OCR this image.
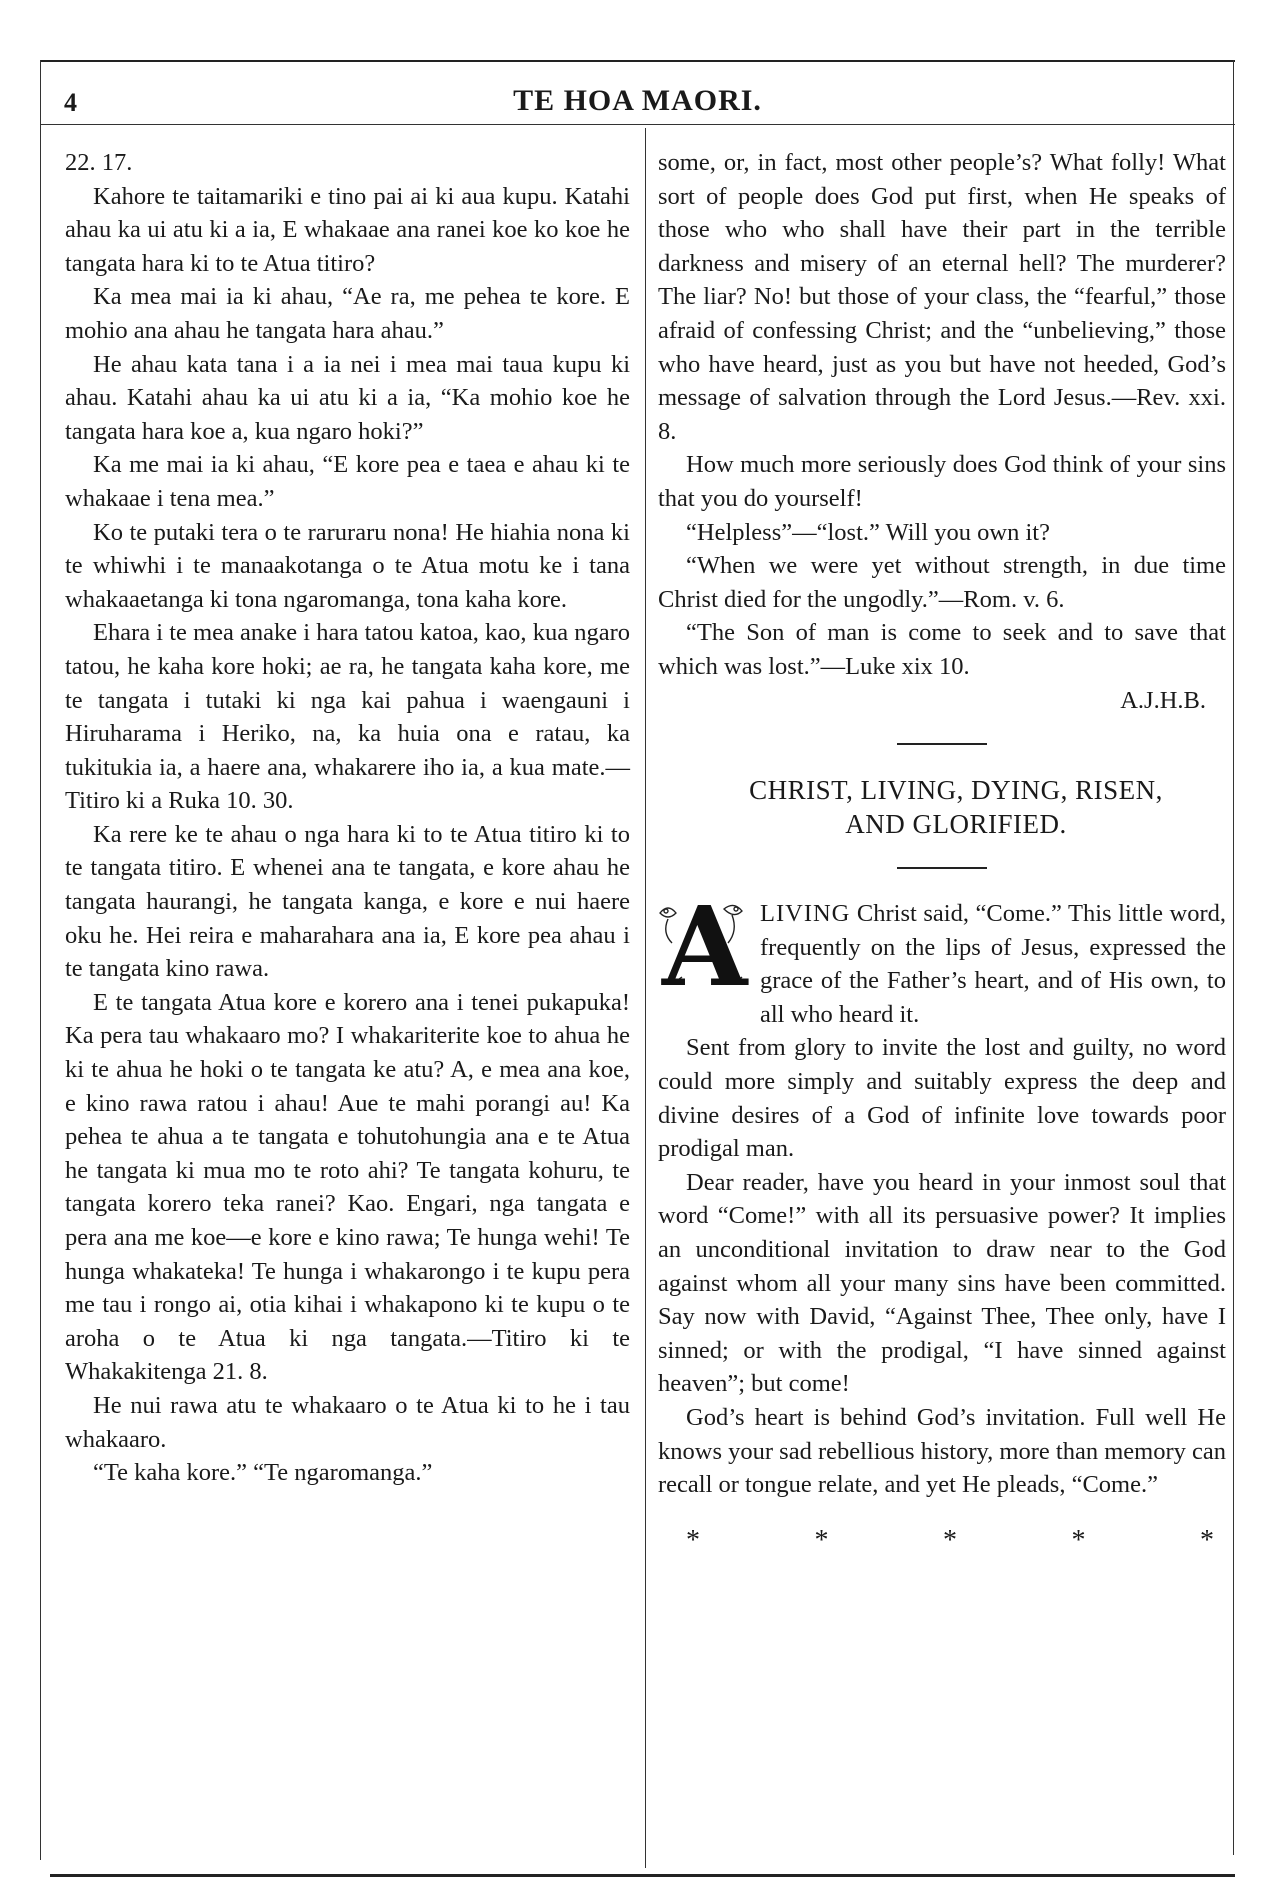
4	TE HOA MAORI.

22. 17.

Kahore te taitamariki e tino pai ai ki aua kupu. Katahi ahau ka ui atu ki a ia, E whakaae ana ranei koe ko koe he tangata hara ki to te Atua titiro?

Ka mea mai ia ki ahau, “Ae ra, me pehea te kore. E mohio ana ahau he tangata hara ahau.”

He ahau kata tana i a ia nei i mea mai taua kupu ki ahau. Katahi ahau ka ui atu ki a ia, “Ka mohio koe he tangata hara koe a, kua ngaro hoki?”

Ka me mai ia ki ahau, “E kore pea e taea e ahau ki te whakaae i tena mea.”

Ko te putaki tera o te raruraru nona! He hiahia nona ki te whiwhi i te manaakotanga o te Atua motu ke i tana whakaaetanga ki tona ngaromanga, tona kaha kore.

Ehara i te mea anake i hara tatou katoa, kao, kua ngaro tatou, he kaha kore hoki; ae ra, he tangata kaha kore, me te tangata i tutaki ki nga kai pahua i waengauni i Hiruharama i Heriko, na, ka huia ona e ratau, ka tukitukia ia, a haere ana, whakarere iho ia, a kua mate.—Titiro ki a Ruka 10. 30.

Ka rere ke te ahau o nga hara ki to te Atua titiro ki to te tangata titiro. E whenei ana te tangata, e kore ahau he tangata haurangi, he tangata kanga, e kore e nui haere oku he. Hei reira e maharahara ana ia, E kore pea ahau i te tangata kino rawa.

E te tangata Atua kore e korero ana i tenei pukapuka! Ka pera tau whakaaro mo? I whakariterite koe to ahua he ki te ahua he hoki o te tangata ke atu? A, e mea ana koe, e kino rawa ratou i ahau! Aue te mahi porangi au! Ka pehea te ahua a te tangata e tohutohungia ana e te Atua he tangata ki mua mo te roto ahi? Te tangata kohuru, te tangata korero teka ranei? Kao. Engari, nga tangata e pera ana me koe—e kore e kino rawa; Te hunga wehi! Te hunga whakateka! Te hunga i whakarongo i te kupu pera me tau i rongo ai, otia kihai i whakapono ki te kupu o te aroha o te Atua ki nga tangata.—Titiro ki te Whakakitenga 21. 8.

He nui rawa atu te whakaaro o te Atua ki to he i tau whakaaro.

“Te kaha kore.” “Te ngaromanga.”

some, or, in fact, most other people’s? What folly! What sort of people does God put first, when He speaks of those who who shall have their part in the terrible darkness and misery of an eternal hell? The murderer? The liar? No! but those of your class, the “fearful,” those afraid of confessing Christ; and the “unbelieving,” those who have heard, just as you but have not heeded, God’s message of salvation through the Lord Jesus.—Rev. xxi. 8.

How much more seriously does God think of your sins that you do yourself!

“Helpless”—“lost.” Will you own it?

“When we were yet without strength, in due time Christ died for the ungodly.”—Rom. v. 6.

“The Son of man is come to seek and to save that which was lost.”—Luke xix 10.

A.J.H.B.

CHRIST, LIVING, DYING, RISEN,

AND GLORIFIED.

A LIVING Christ said, “Come.” This little word, frequently on the lips of Jesus, expressed the grace of the Father’s heart, and of His own, to all who heard it.

Sent from glory to invite the lost and guilty, no word could more simply and suitably express the deep and divine desires of a God of infinite love towards poor prodigal man.

Dear reader, have you heard in your inmost soul that word “Come!” with all its persuasive power? It implies an unconditional invitation to draw near to the God against whom all your many sins have been committed. Say now with David, “Against Thee, Thee only, have I sinned; or with the prodigal, “I have sinned against heaven”; but come!

God’s heart is behind God’s invitation. Full well He knows your sad rebellious history, more than memory can recall or tongue relate, and yet He pleads, “Come.”

*	*	*	*	*
